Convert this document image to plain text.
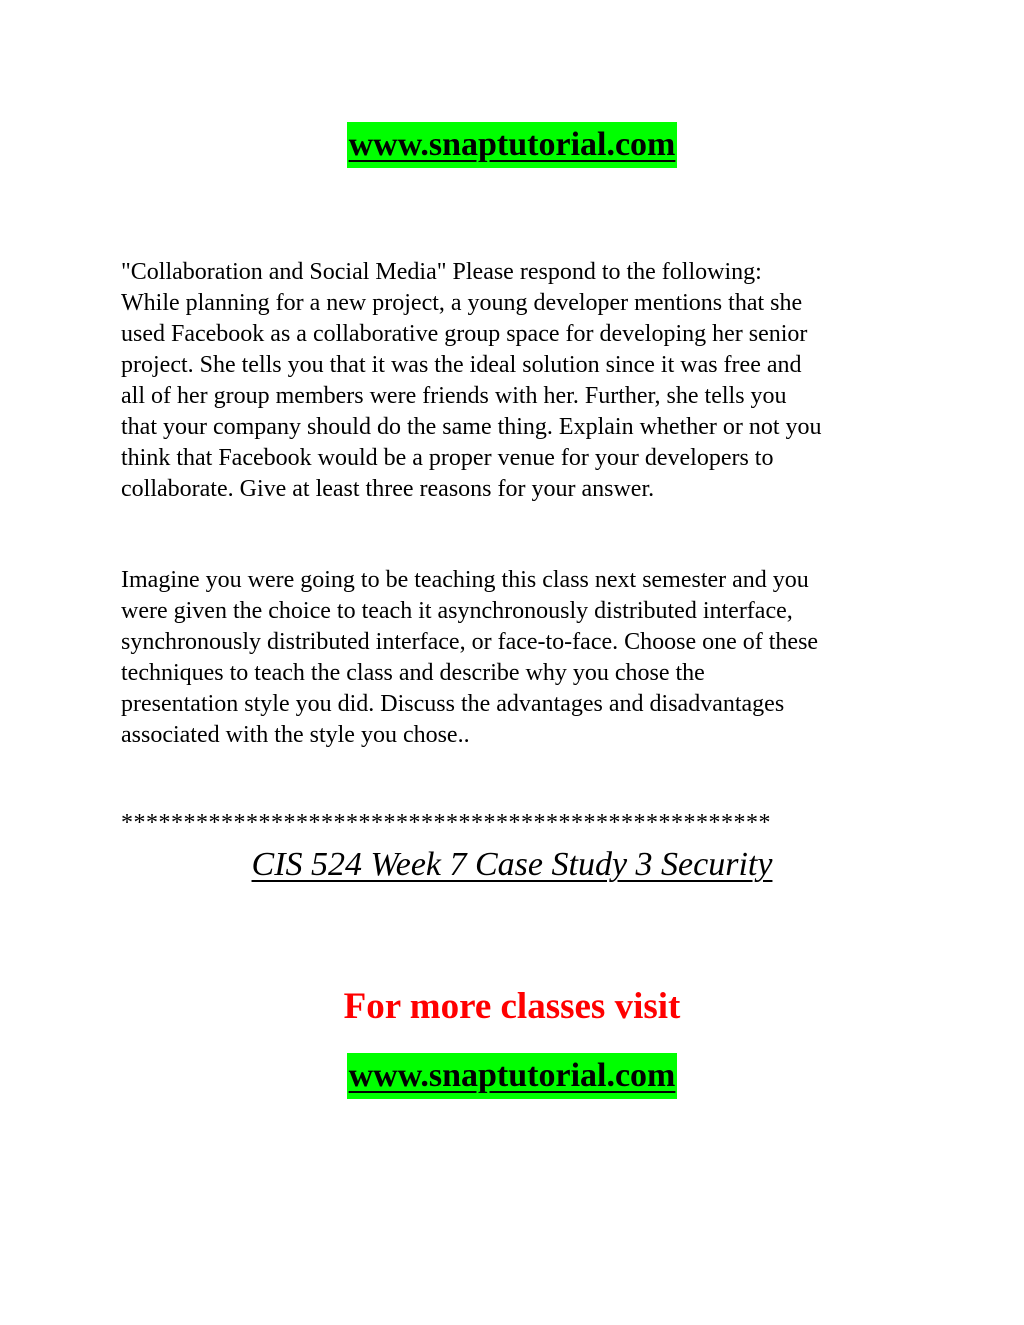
www.snaptutorial.com
"Collaboration and Social Media" Please respond to the following:
While planning for a new project, a young developer mentions that she
used Facebook as a collaborative group space for developing her senior
project. She tells you that it was the ideal solution since it was free and
all of her group members were friends with her. Further, she tells you
that your company should do the same thing. Explain whether or not you
think that Facebook would be a proper venue for your developers to
collaborate. Give at least three reasons for your answer.
Imagine you were going to be teaching this class next semester and you
were given the choice to teach it asynchronously distributed interface,
synchronously distributed interface, or face-to-face. Choose one of these
techniques to teach the class and describe why you chose the
presentation style you did. Discuss the advantages and disadvantages
associated with the style you chose..
****************************************************
CIS 524 Week 7 Case Study 3 Security
For more classes visit
www.snaptutorial.com
